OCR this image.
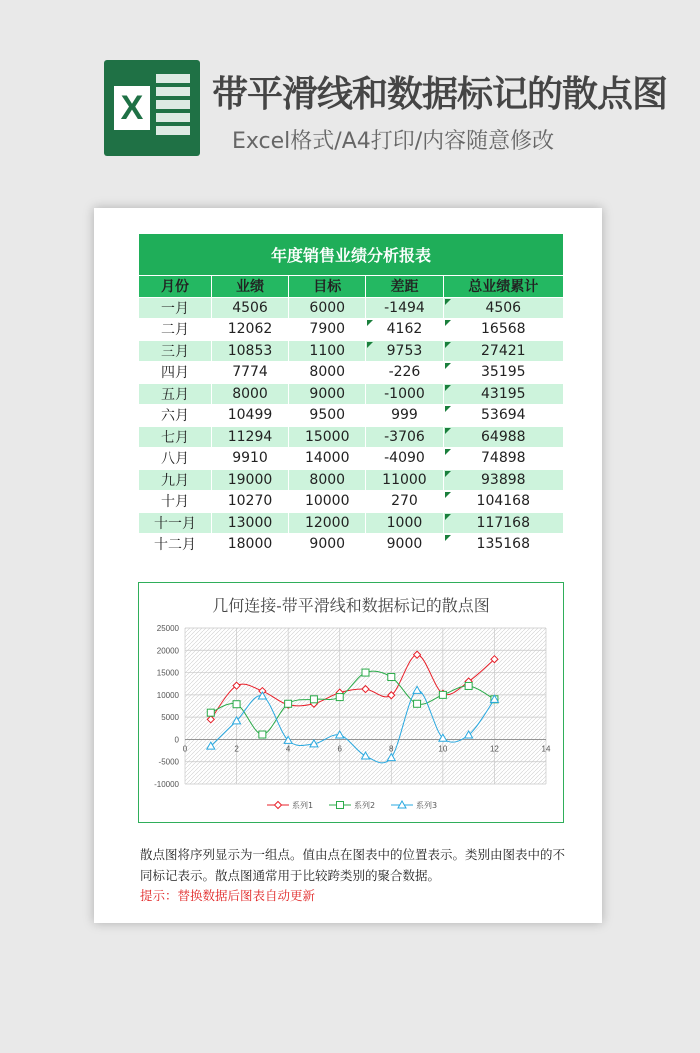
X 带平滑线和数据标记的散点图
Excel格式/A4打印/内容随意修改
年度销售业绩分析报表				
月份	业绩	目标	差距	总业绩累计
一月	4506	6000	-1494	4506
二月	12062	7900	4162	16568
三月	10853	1100	9753	27421
四月	7774	8000	-226	35195
五月	8000	9000	-1000	43195
六月	10499	9500	999	53694
七月	11294	15000	-3706	64988
八月	9910	14000	-4090	74898
九月	19000	8000	11000	93898
十月	10270	10000	270	104168
十一月	13000	12000	1000	117168
十二月	18000	9000	9000	135168
几何连接-带平滑线和数据标记的散点图
-10000
-5000
0
5000
10000
15000
20000
25000
0	2	4	6	8	10	12	14
系列1	系列2	系列3
散点图将序列显示为一组点。值由点在图表中的位置表示。类别由图表中的不同标记表示。散点图通常用于比较跨类别的聚合数据。
提示：替换数据后图表自动更新
